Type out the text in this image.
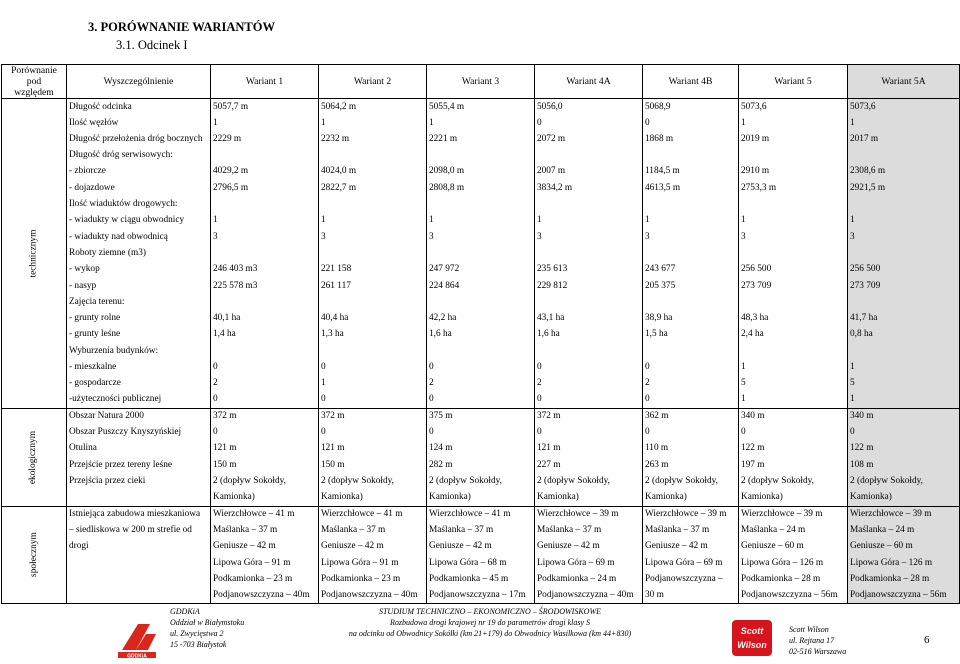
3. PORÓWNANIE WARIANTÓW
3.1. Odcinek I
Porównanie
pod
względem	Wyszczególnienie	Wariant 1	Wariant 2	Wariant 3	Wariant 4A	Wariant 4B	Wariant 5	Wariant 5A
technicznym	Długość odcinka	5057,7 m	5064,2 m	5055,4 m	5056,0	5068,9	5073,6	5073,6
	Ilość węzłów	1	1	1	0	0	1	1
	Długość przełożenia dróg bocznych	2229 m	2232 m	2221 m	2072 m	1868 m	2019 m	2017 m
	Długość dróg serwisowych:							
	- zbiorcze	4029,2 m	4024,0 m	2098,0 m	2007 m	1184,5 m	2910 m	2308,6 m
	- dojazdowe	2796,5 m	2822,7 m	2808,8 m	3834,2 m	4613,5 m	2753,3 m	2921,5 m
	Ilość wiaduktów drogowych:							
	- wiadukty w ciągu obwodnicy	1	1	1	1	1	1	1
	- wiadukty nad obwodnicą	3	3	3	3	3	3	3
	Roboty ziemne (m3)							
	- wykop	246 403 m3	221 158	247 972	235 613	243 677	256 500	256 500
	- nasyp	225 578 m3	261 117	224 864	229 812	205 375	273 709	273 709
	Zajęcia terenu:							
	- grunty rolne	40,1 ha	40,4 ha	42,2 ha	43,1 ha	38,9 ha	48,3 ha	41,7 ha
	- grunty leśne	1,4 ha	1,3 ha	1,6 ha	1,6 ha	1,5 ha	2,4 ha	0,8 ha
	Wyburzenia budynków:							
	- mieszkalne	0	0	0	0	0	1	1
	- gospodarcze	2	1	2	2	2	5	5
	-użyteczności publicznej	0	0	0	0	0	1	1
ekologicznym	Obszar Natura 2000	372 m	372 m	375 m	372 m	362 m	340 m	340 m
	Obszar Puszczy Knyszyńskiej	0	0	0	0	0	0	0
	Otulina	121 m	121 m	124 m	121 m	110 m	122 m	122 m
	Przejście przez tereny leśne	150 m	150 m	282 m	227 m	263 m	197 m	108 m
	Przejścia przez cieki	2 (dopływ Sokołdy,	2 (dopływ Sokołdy,	2 (dopływ Sokołdy,	2 (dopływ Sokołdy,	2 (dopływ Sokołdy,	2 (dopływ Sokołdy,	2 (dopływ Sokołdy,
		Kamionka)	Kamionka)	Kamionka)	Kamionka)	Kamionka)	Kamionka)	Kamionka)
społecznym	Istniejąca zabudowa mieszkaniowa	Wierzchłowce – 41 m	Wierzchłowce – 41 m	Wierzchłowce – 41 m	Wierzchłowce – 39 m	Wierzchłowce – 39 m	Wierzchłowce – 39 m	Wierzchłowce – 39 m
	– siedliskowa w 200 m strefie od	Maślanka – 37 m	Maślanka – 37 m	Maślanka – 37 m	Maślanka – 37 m	Maślanka – 37 m	Maślanka – 24 m	Maślanka – 24 m
	drogi	Geniusze – 42 m	Geniusze – 42 m	Geniusze – 42 m	Geniusze – 42 m	Geniusze – 42 m	Geniusze – 60 m	Geniusze – 60 m
		Lipowa Góra – 91 m	Lipowa Góra – 91 m	Lipowa Góra – 68 m	Lipowa Góra – 69 m	Lipowa Góra – 69 m	Lipowa Góra – 126 m	Lipowa Góra – 126 m
		Podkamionka – 23 m	Podkamionka – 23 m	Podkamionka – 45 m	Podkamionka – 24 m	Podjanowszczyzna –	Podkamionka – 28 m	Podkamionka – 28 m
		Podjanowszczyzna – 40m	Podjanowszczyzna – 40m	Podjanowszczyzna – 17m	Podjanowszczyzna – 40m	30 m	Podjanowszczyzna – 56m	Podjanowszczyzna – 56m
GDDKiA
GDDKiA
Oddział w Białymstoku
ul. Zwycięstwa 2
15 -703 Białystok
STUDIUM TECHNICZNO – EKONOMICZNO – ŚRODOWISKOWE
Rozbudowa drogi krajowej nr 19 do parametrów drogi klasy S
na odcinku od Obwodnicy Sokółki (km 21+179) do Obwodnicy Wasilkowa (km 44+830)	Scott
Wilson
Scott Wilson
ul. Rejtana 17
02-516 Warszawa
6
